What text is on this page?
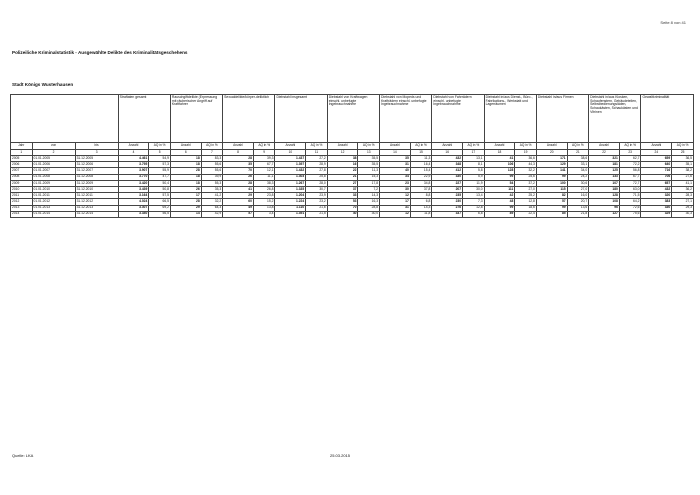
Seite 8 von 41
Polizeiliche Kriminalstatistik - Ausgewählte Delikte des Kriminalitätsgeschehens
Stadt Königs Wusterhausen
			Straftaten gesamt		Rauschgiftdelikte (Erpressung mit räuberischer Angriff auf Kraftfahrer		Sexualdelikte/körper-deliktlich		Diebstahl insgesamt		Diebstahl von Kraftwagen einschl. unbefugte Ingebrauchnahme		Diebstahl von Mopeds und Krafträdern einschl. unbefugte Ingebrauchnahme		Diebstahl von Fahrrädern einschl. unbefugte Ingebrauchnahme		Diebstahl in/aus Dienst-, Büro-, Fabrikations-, Werkstatt und Lagerräumen		Diebstahl in/aus Firmen		Diebstahl in/aus Kiosken, Schaufenstern, Gebäudeteilen, Selbstbedienungsläden, Schaukästen, Schaukästen und Vitrinen		Gewaltkriminalität	
Jahr	von	bis	Anzahl	AQ in %	Anzahl	AQ in %	Anzahl	AQ in %	Anzahl	AQ in %	Anzahl	AQ in %	Anzahl	AQ in %	Anzahl	AQ in %	Anzahl	AQ in %	Anzahl	AQ in %	Anzahl	AQ in %	Anzahl	AQ in %
1	2	3	4	5	6	7	8	9	10	11	12	13	14	15	16	17	18	19	20	21	22	23	24	25
2005	01.01.2005	31.12.2005	4.461	54,9	18	83,3	28	39,3	1.437	27,2	38	35,5	35	11,3	432	13,1	41	36,6	171	38,6	321	62,7	659	36,5
2006	01.01.2006	31.12.2006	3.795	57,3	18	55,6	35	67,7	1.397	28,9	16	35,5	31	16,4	348	8,1	106	44,3	129	33,1	181	72,2	640	35,1
2007	01.01.2007	31.12.2007	3.907	55,9	28	55,6	70	12,1	1.432	27,8	22	11,3	40	15,4	412	5,8	128	32,2	141	34,0	125	56,8	716	38,2
2008	01.01.2008	31.12.2008	3.770	47,7	18	39,9	26	11,1	1.303	25,8	21	15,3	34	22,9	330	5,9	99	25,6	99	24,2	133	67,7	706	27,6
2009	01.01.2009	31.12.2009	3.420	50,4	18	55,3	28	38,3	1.267	28,0	27	17,8	23	34,8	227	11,9	54	37,2	100	30,6	107	72,7	657	41,1
2010	01.01.2010	31.12.2010	3.439	50,8	26	35,3	41	26,8	1.335	30,7	37	7,2	30	37,8	207	30,0	111	27,0	115	27,0	180	63,0	432	36,2
2011	01.01.2011	31.12.2011	3.164	57,5	17	41,2	29	23,8	1.204	23,9	33	14,3	12	8,8	235	13,4	42	25,2	82	16,0	128	71,5	320	28,3
2012	01.01.2012	31.12.2012	4.024	66,5	28	32,2	60	15,2	1.224	23,2	53	16,3	17	6,8	230	7,3	48	12,8	57	20,7	108	64,2	383	27,1
2013	01.01.2013	31.12.2013	3.307	69,2	29	64,3	49	13,8	1.110	21,6	70	28,8	31	14,3	276	12,8	99	18,6	99	13,6	96	72,6	330	29,3
2014	01.01.2014	31.12.2014	3.340	56,5	14	42,9	57	3,4	1.391	21,5	40	30,0	12	11,8	337	6,8	89	22,4	85	21,8	127	75,6	329	30,3
Quelle: LKA	25.03.2015
